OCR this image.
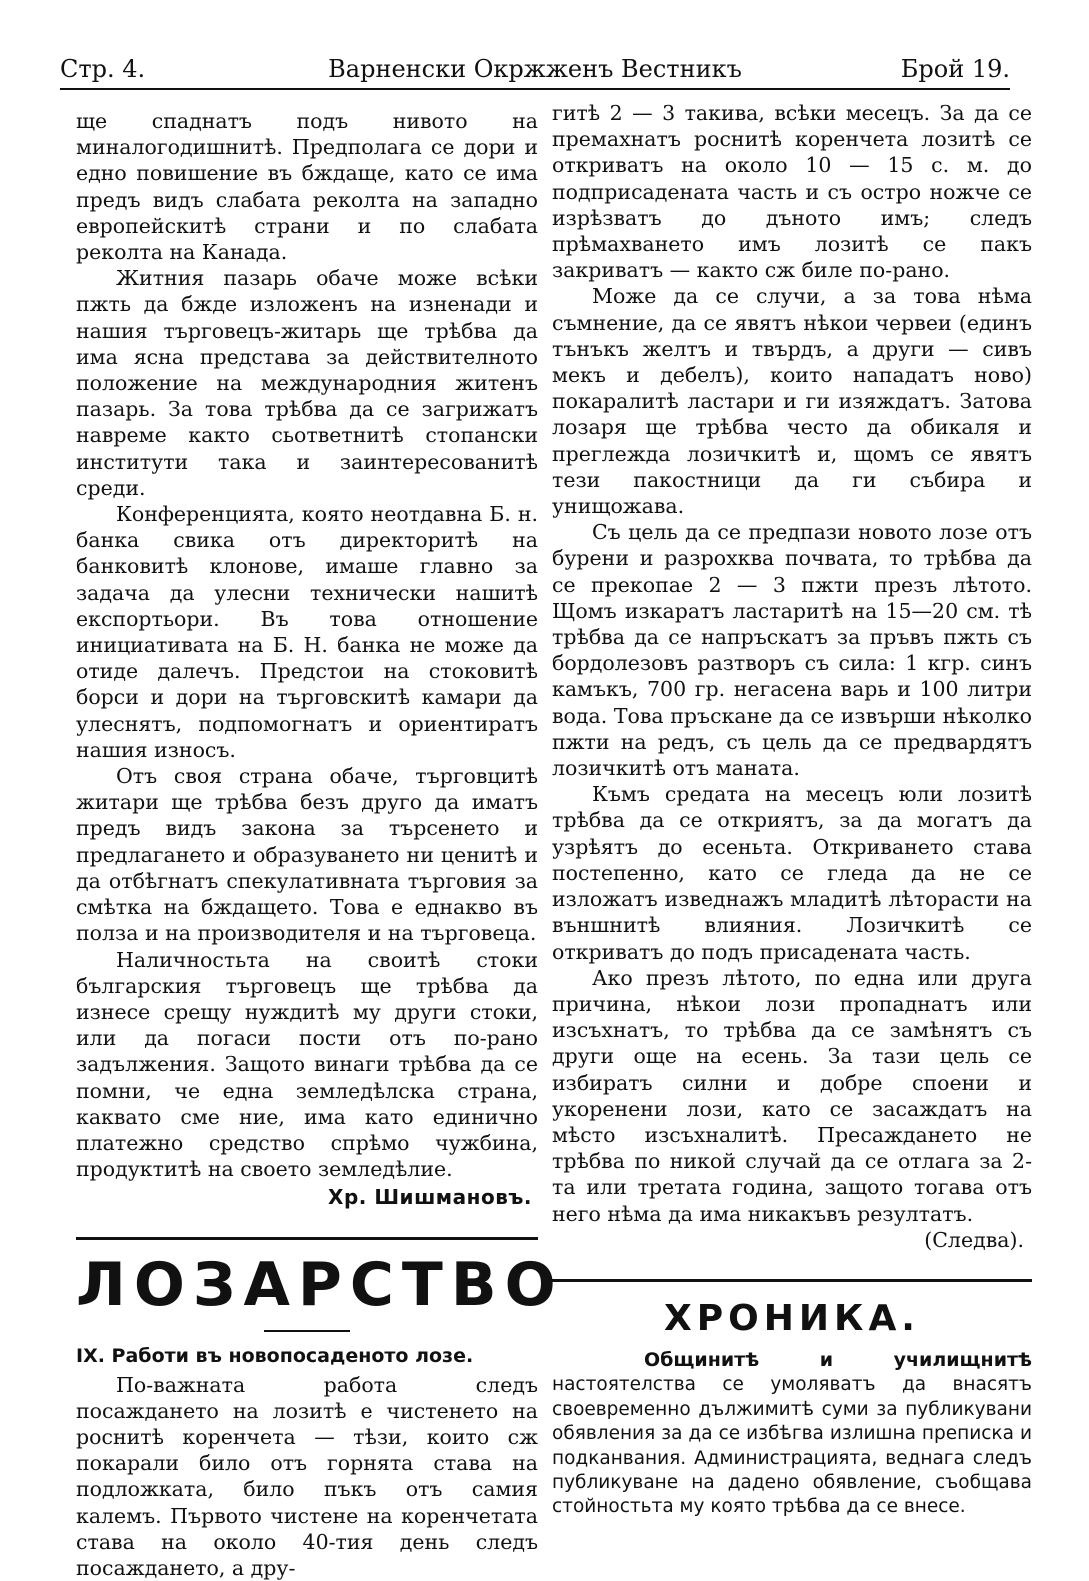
Варненски Окржженъ Вестникъ
Стр. 4.	Брой 19.

ще спаднатъ подъ нивото на миналогодишнитѣ. Предполага се дори и едно повишение въ бждаще, като се има предъ видъ слабата реколта на западно европейскитѣ страни и по слабата реколта на Канада.

Житния пазарь обаче може всѣки пжть да бжде изложенъ на изненади и нашия търговецъ-житарь ще трѣбва да има ясна представа за действителното положение на международния житенъ пазарь. За това трѣбва да се загрижатъ навреме както сьответнитѣ стопански институти така и заинтересованитѣ среди.

Конференцията, която неотдавна Б. н. банка свика отъ директоритѣ на банковитѣ клонове, имаше главно за задача да улесни технически нашитѣ експортьори. Въ това отношение инициативата на Б. Н. банка не може да отиде далечъ. Предстои на стоковитѣ борси и дори на търговскитѣ камари да улеснятъ, подпомогнатъ и ориентиратъ нашия износъ.

Отъ своя страна обаче, търговцитѣ житари ще трѣбва безъ друго да иматъ предъ видъ закона за търсенето и предлагането и образуването ни ценитѣ и да отбѣгнатъ спекулативната търговия за смѣтка на бждащето. Това е еднакво въ полза и на производителя и на търговеца.

Наличностьта на своитѣ стоки българския търговецъ ще трѣбва да изнесе срещу нуждитѣ му други стоки, или да погаси пости отъ по-рано задължения. Защото винаги трѣбва да се помни, че една земледѣлска страна, каквато сме ние, има като единично платежно средство спрѣмо чужбина, продуктитѣ на своето земледѣлие.

Хр. Шишмановъ.
ЛОЗАРСТВО
IX. Работи въ новопосаденото лозе.

По-важната работа следъ посаждането на лозитѣ е чистенето на роснитѣ коренчета — тѣзи, които сж покарали било отъ горнята става на подложката, било пъкъ отъ самия калемъ. Първото чистене на коренчетата става на около 40-тия день следъ посаждането, а дру-

гитѣ 2 — 3 такива, всѣки месецъ. За да се премахнатъ роснитѣ коренчета лозитѣ се откриватъ на около 10 — 15 с. м. до подприсадената часть и съ остро ножче се изрѣзватъ до дъното имъ; следъ прѣмахването имъ лозитѣ се пакъ закриватъ — както сж биле по-рано.

Може да се случи, а за това нѣма съмнение, да се явятъ нѣкои червеи (единъ тънъкъ желтъ и твърдъ, а други — сивъ мекъ и дебелъ), които нападатъ ново) покаралитѣ ластари и ги изяждатъ. Затова лозаря ще трѣбва често да обикаля и преглежда лозичкитѣ и, щомъ се явятъ тези пакостници да ги събира и унищожава.

Съ цель да се предпази новото лозе отъ бурени и разрохква почвата, то трѣбва да се прекопае 2 — 3 пжти презъ лѣтото. Щомъ изкаратъ ластаритѣ на 15—20 см. тѣ трѣбва да се напръскатъ за пръвъ пжть съ бордолезовъ разтворъ съ сила: 1 кгр. синъ камъкъ, 700 гр. негасена варь и 100 литри вода. Това пръскане да се извърши нѣколко пжти на редъ, съ цель да се предвардятъ лозичкитѣ отъ маната.

Къмъ средата на месецъ юли лозитѣ трѣбва да се откриятъ, за да могатъ да узрѣятъ до есеньта. Откриването става постепенно, като се гледа да не се изложатъ изведнажъ младитѣ лѣторасти на външнитѣ влияния. Лозичкитѣ се откриватъ до подъ присадената часть.

Ако презъ лѣтото, по една или друга причина, нѣкои лози пропаднатъ или изсъхнатъ, то трѣбва да се замѣнятъ съ други още на есень. За тази цель се избиратъ силни и добре споени и укоренени лози, като се засаждатъ на мѣсто изсъхналитѣ. Пресаждането не трѣбва по никой случай да се отлага за 2-та или третата година, защото тогава отъ него нѣма да има никакъвъ резултатъ.

(Следва).

ХРОНИКА.

Общинитѣ и училищнитѣ настоятелства се умоляватъ да внасятъ своевременно дължимитѣ суми за публикувани обявления за да се избѣгва излишна преписка и подканвания. Администрацията, веднага следъ публикуване на дадено обявление, съобщава стойностьта му която трѣбва да се внесе.
